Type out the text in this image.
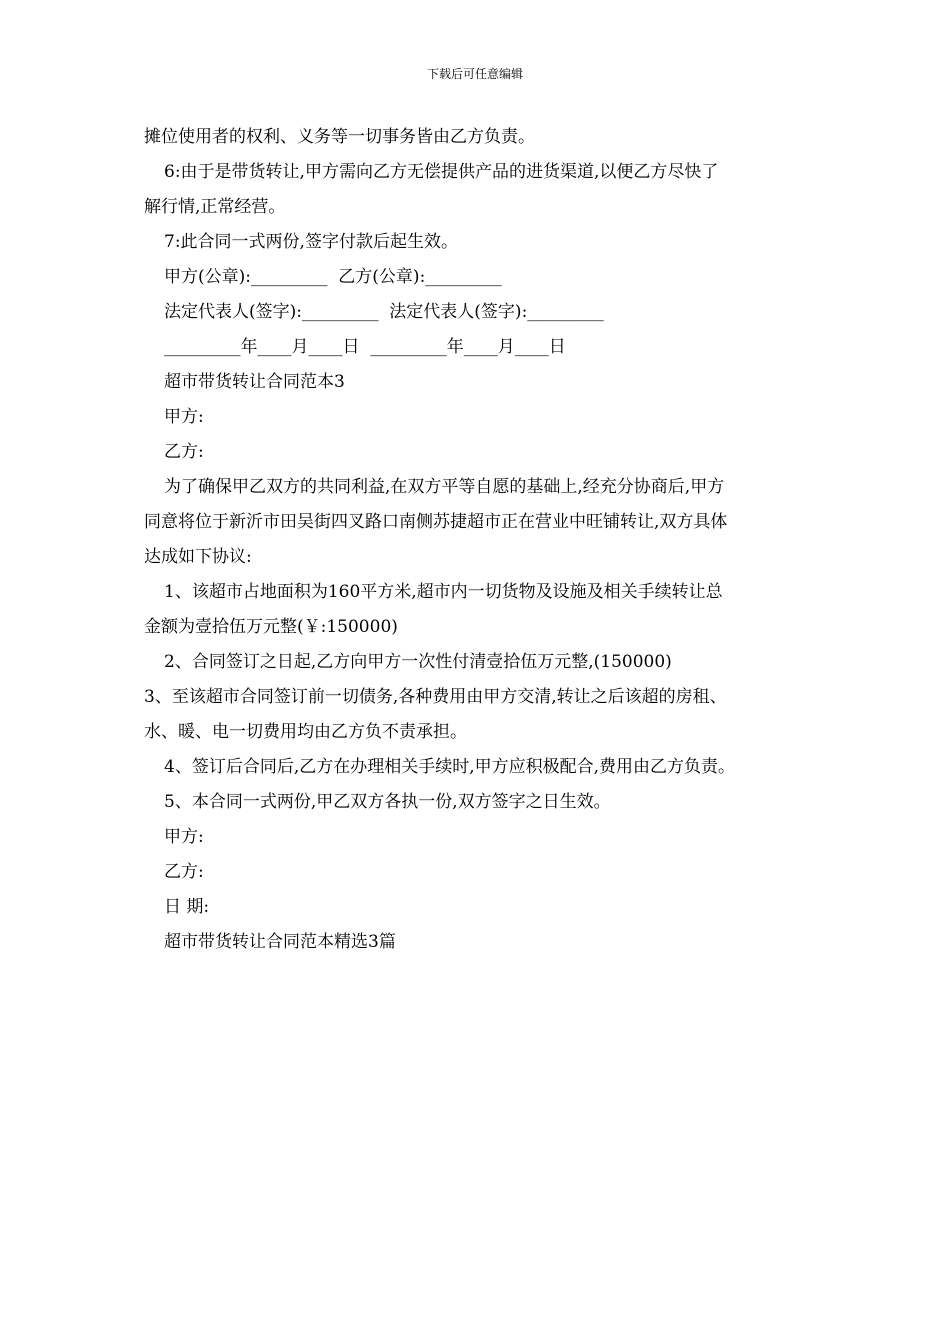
下载后可任意编辑

摊位使用者的权利、义务等一切事务皆由乙方负责。

6:由于是带货转让,甲方需向乙方无偿提供产品的进货渠道,以便乙方尽快了

解行情,正常经营。

7:此合同一式两份,签字付款后起生效。

甲方(公章):_________  乙方(公章):_________

法定代表人(签字):_________  法定代表人(签字):_________

_________年____月____日  _________年____月____日

超市带货转让合同范本3

甲方:

乙方:

为了确保甲乙双方的共同利益,在双方平等自愿的基础上,经充分协商后,甲方

同意将位于新沂市田吴街四叉路口南侧苏捷超市正在营业中旺铺转让,双方具体

达成如下协议:

1、该超市占地面积为160平方米,超市内一切货物及设施及相关手续转让总

金额为壹拾伍万元整(￥:150000)

2、合同签订之日起,乙方向甲方一次性付清壹拾伍万元整,(150000)

3、至该超市合同签订前一切债务,各种费用由甲方交清,转让之后该超的房租、

水、暖、电一切费用均由乙方负不责承担。

4、签订后合同后,乙方在办理相关手续时,甲方应积极配合,费用由乙方负责。

5、本合同一式两份,甲乙双方各执一份,双方签字之日生效。

甲方:

乙方:

日 期:

超市带货转让合同范本精选3篇
